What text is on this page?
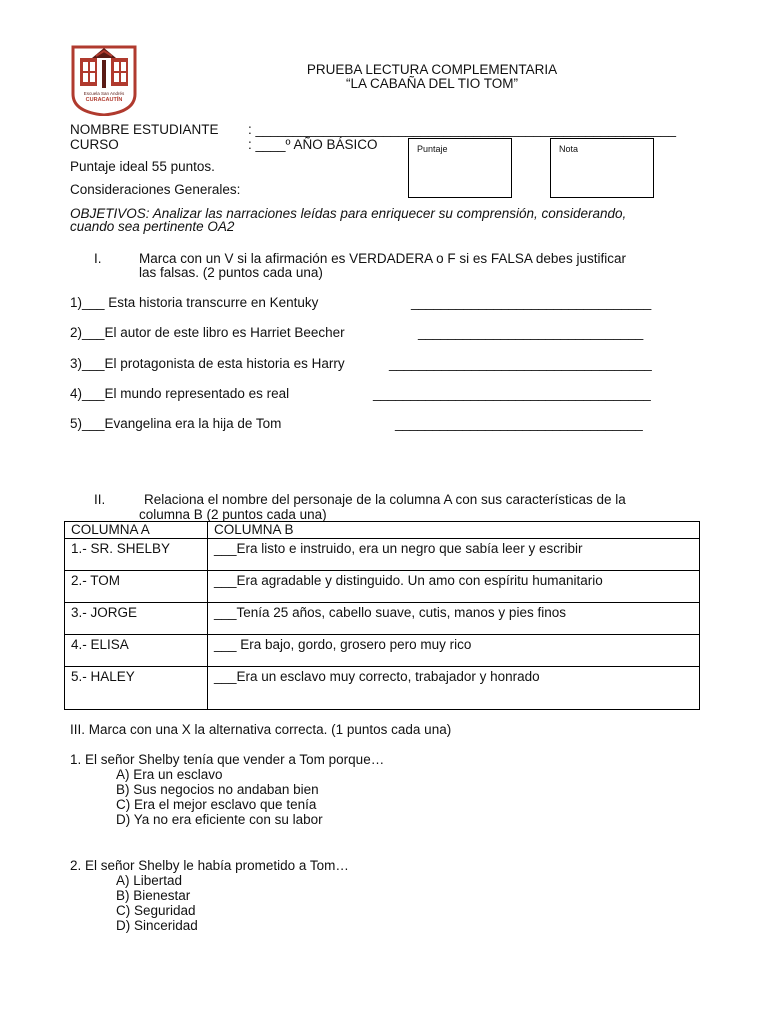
Escuela San Andrés
CURACAUTÍN
PRUEBA LECTURA COMPLEMENTARIA
“LA CABAÑA DEL TIO TOM”
NOMBRE ESTUDIANTE : ________________________________________________________
CURSO	: ____º AÑO BÁSICO	Puntaje	Nota
Puntaje ideal 55 puntos.
Consideraciones Generales:
OBJETIVOS: Analizar las narraciones leídas para enriquecer su comprensión, considerando,
cuando sea pertinente OA2
I.	Marca con un V si la afirmación es VERDADERA o F si es FALSA debes justificar
las falsas. (2 puntos cada una)
1)___ Esta historia transcurre en Kentuky	________________________________
2)___El autor de este libro es Harriet Beecher	______________________________
3)___El protagonista de esta historia es Harry	___________________________________
4)___El mundo representado es real	_____________________________________
5)___Evangelina era la hija de Tom	_________________________________
II.	Relaciona el nombre del personaje de la columna A con sus características de la
columna B (2 puntos cada una)
COLUMNA A	COLUMNA B
1.- SR. SHELBY	___Era listo e instruido, era un negro que sabía leer y escribir
2.- TOM	___Era agradable y distinguido. Un amo con espíritu humanitario
3.- JORGE	___Tenía 25 años, cabello suave, cutis, manos y pies finos
4.- ELISA	___ Era bajo, gordo, grosero pero muy rico
5.- HALEY	___Era un esclavo muy correcto, trabajador y honrado
III. Marca con una X la alternativa correcta. (1 puntos cada una)
1. El señor Shelby tenía que vender a Tom porque…
A) Era un esclavo
B) Sus negocios no andaban bien
C) Era el mejor esclavo que tenía
D) Ya no era eficiente con su labor
2. El señor Shelby le había prometido a Tom…
A) Libertad
B) Bienestar
C) Seguridad
D) Sinceridad
